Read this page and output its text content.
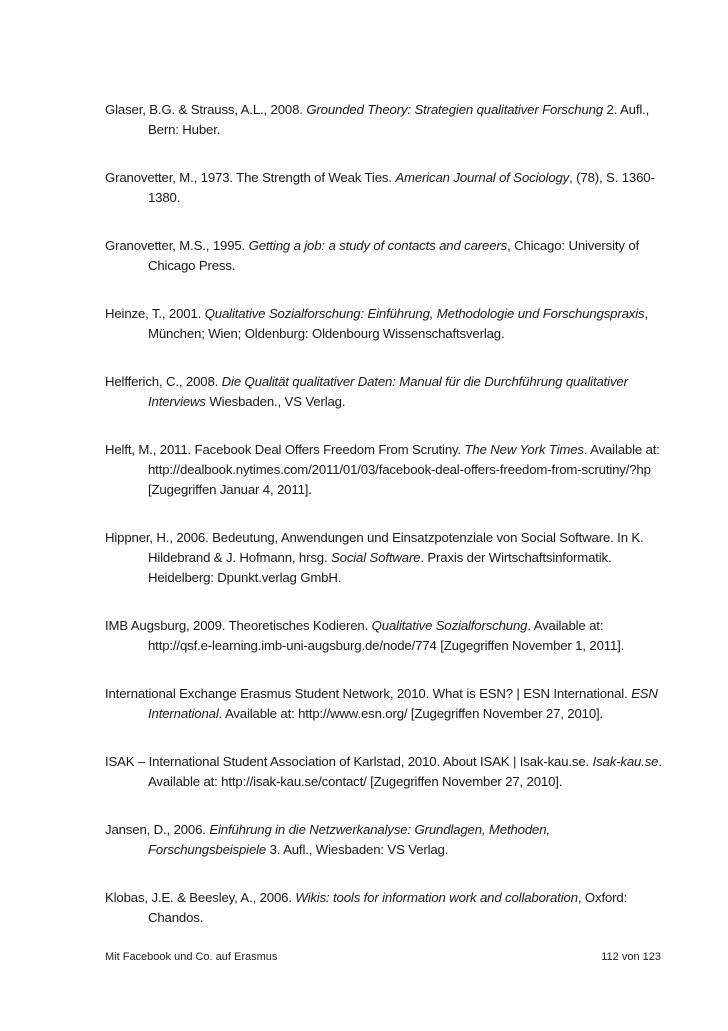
Glaser, B.G. & Strauss, A.L., 2008. Grounded Theory: Strategien qualitativer Forschung 2. Aufl., Bern: Huber.

Granovetter, M., 1973. The Strength of Weak Ties. American Journal of Sociology, (78), S. 1360-1380.

Granovetter, M.S., 1995. Getting a job: a study of contacts and careers, Chicago: University of Chicago Press.

Heinze, T., 2001. Qualitative Sozialforschung: Einführung, Methodologie und Forschungspraxis, München; Wien; Oldenburg: Oldenbourg Wissenschaftsverlag.

Helfferich, C., 2008. Die Qualität qualitativer Daten: Manual für die Durchführung qualitativer Interviews Wiesbaden., VS Verlag.

Helft, M., 2011. Facebook Deal Offers Freedom From Scrutiny. The New York Times. Available at: http://dealbook.nytimes.com/2011/01/03/facebook-deal-offers-freedom-from-scrutiny/?hp [Zugegriffen Januar 4, 2011].

Hippner, H., 2006. Bedeutung, Anwendungen und Einsatzpotenziale von Social Software. In K. Hildebrand & J. Hofmann, hrsg. Social Software. Praxis der Wirtschaftsinformatik. Heidelberg: Dpunkt.verlag GmbH.

IMB Augsburg, 2009. Theoretisches Kodieren. Qualitative Sozialforschung. Available at: http://qsf.e-learning.imb-uni-augsburg.de/node/774 [Zugegriffen November 1, 2011].

International Exchange Erasmus Student Network, 2010. What is ESN? | ESN International. ESN International. Available at: http://www.esn.org/ [Zugegriffen November 27, 2010].

ISAK – International Student Association of Karlstad, 2010. About ISAK | Isak-kau.se. Isak-kau.se. Available at: http://isak-kau.se/contact/ [Zugegriffen November 27, 2010].

Jansen, D., 2006. Einführung in die Netzwerkanalyse: Grundlagen, Methoden, Forschungsbeispiele 3. Aufl., Wiesbaden: VS Verlag.

Klobas, J.E. & Beesley, A., 2006. Wikis: tools for information work and collaboration, Oxford: Chandos.

Mit Facebook und Co. auf Erasmus	112 von 123
